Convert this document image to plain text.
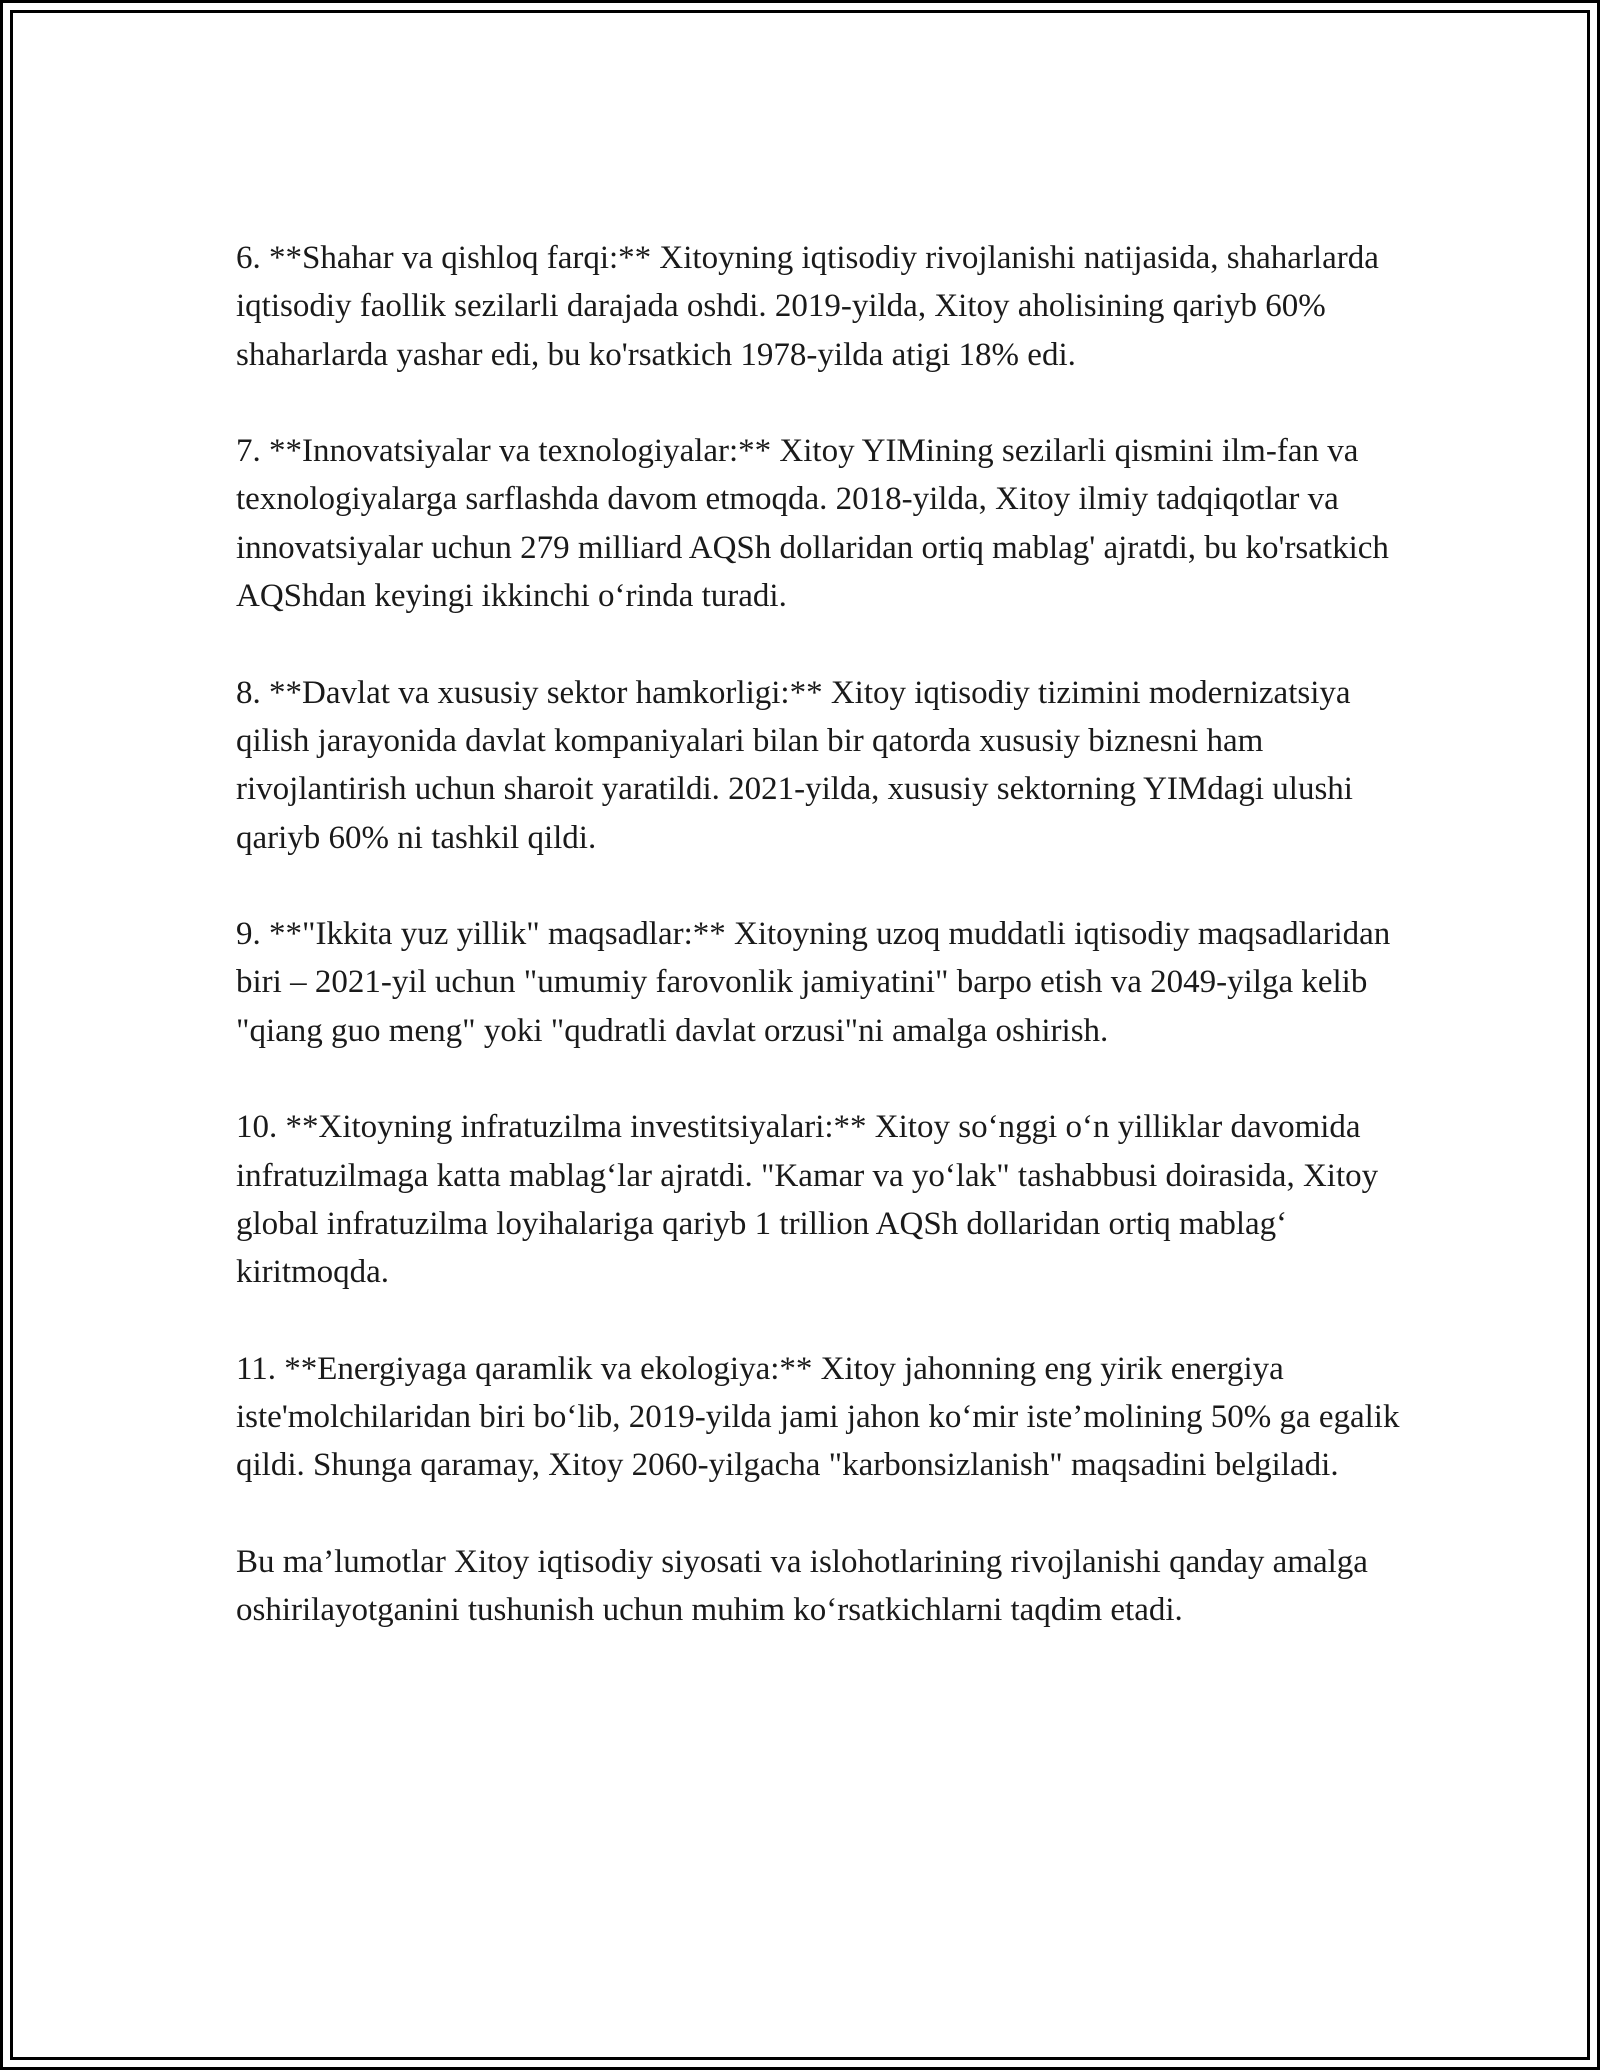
6. **Shahar va qishloq farqi:** Xitoyning iqtisodiy rivojlanishi natijasida, shaharlarda iqtisodiy faollik sezilarli darajada oshdi. 2019-yilda, Xitoy aholisining qariyb 60% shaharlarda yashar edi, bu ko'rsatkich 1978-yilda atigi 18% edi.

7. **Innovatsiyalar va texnologiyalar:** Xitoy YIMining sezilarli qismini ilm-fan va texnologiyalarga sarflashda davom etmoqda. 2018-yilda, Xitoy ilmiy tadqiqotlar va innovatsiyalar uchun 279 milliard AQSh dollaridan ortiq mablag' ajratdi, bu ko'rsatkich AQShdan keyingi ikkinchi o‘rinda turadi.

8. **Davlat va xususiy sektor hamkorligi:** Xitoy iqtisodiy tizimini modernizatsiya qilish jarayonida davlat kompaniyalari bilan bir qatorda xususiy biznesni ham rivojlantirish uchun sharoit yaratildi. 2021-yilda, xususiy sektorning YIMdagi ulushi qariyb 60% ni tashkil qildi.

9. **"Ikkita yuz yillik" maqsadlar:** Xitoyning uzoq muddatli iqtisodiy maqsadlaridan biri – 2021-yil uchun "umumiy farovonlik jamiyatini" barpo etish va 2049-yilga kelib "qiang guo meng" yoki "qudratli davlat orzusi"ni amalga oshirish.

10. **Xitoyning infratuzilma investitsiyalari:** Xitoy so‘nggi o‘n yilliklar davomida infratuzilmaga katta mablag‘lar ajratdi. "Kamar va yo‘lak" tashabbusi doirasida, Xitoy global infratuzilma loyihalariga qariyb 1 trillion AQSh dollaridan ortiq mablag‘ kiritmoqda.

11. **Energiyaga qaramlik va ekologiya:** Xitoy jahonning eng yirik energiya iste'molchilaridan biri bo‘lib, 2019-yilda jami jahon ko‘mir iste’molining 50% ga egalik qildi. Shunga qaramay, Xitoy 2060-yilgacha "karbonsizlanish" maqsadini belgiladi.

Bu ma’lumotlar Xitoy iqtisodiy siyosati va islohotlarining rivojlanishi qanday amalga oshirilayotganini tushunish uchun muhim ko‘rsatkichlarni taqdim etadi.
